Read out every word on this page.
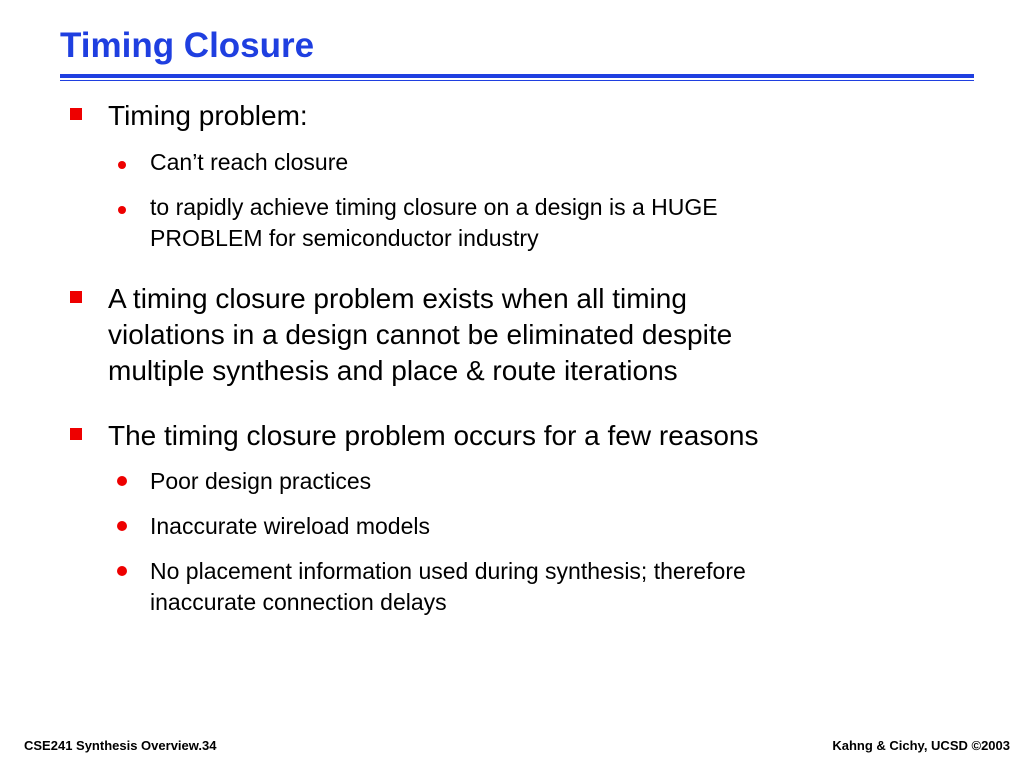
Timing Closure
Timing problem:
Can’t reach closure
to rapidly achieve timing closure on a design is a HUGE
PROBLEM for semiconductor industry
A timing closure problem exists when all timing
violations in a design cannot be eliminated despite
multiple synthesis and place & route iterations
The timing closure problem occurs for a few reasons
Poor design practices
Inaccurate wireload models
No placement information used during synthesis; therefore
inaccurate connection delays
CSE241 Synthesis Overview.34	Kahng & Cichy, UCSD ©2003
